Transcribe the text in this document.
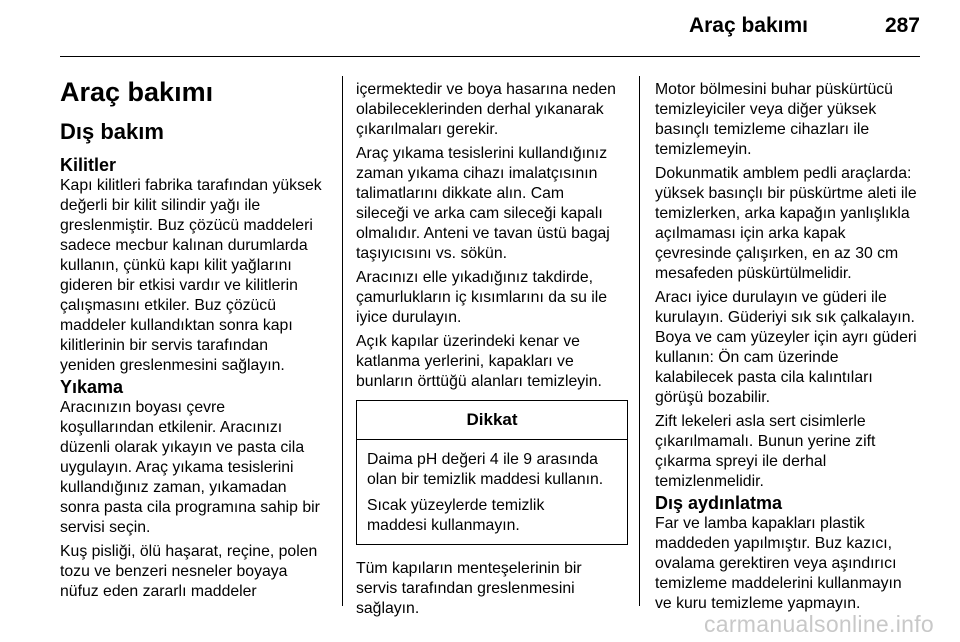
Araç bakımı	287

Araç bakımı
Dış bakım
Kilitler

Kapı kilitleri fabrika tarafından yüksek
değerli bir kilit silindir yağı ile
greslenmiştir. Buz çözücü maddeleri
sadece mecbur kalınan durumlarda
kullanın, çünkü kapı kilit yağlarını
gideren bir etkisi vardır ve kilitlerin
çalışmasını etkiler. Buz çözücü
maddeler kullandıktan sonra kapı
kilitlerinin bir servis tarafından
yeniden greslenmesini sağlayın.

Yıkama

Aracınızın boyası çevre
koşullarından etkilenir. Aracınızı
düzenli olarak yıkayın ve pasta cila
uygulayın. Araç yıkama tesislerini
kullandığınız zaman, yıkamadan
sonra pasta cila programına sahip bir
servisi seçin.

Kuş pisliği, ölü haşarat, reçine, polen
tozu ve benzeri nesneler boyaya
nüfuz eden zararlı maddeler

içermektedir ve boya hasarına neden
olabileceklerinden derhal yıkanarak
çıkarılmaları gerekir.

Araç yıkama tesislerini kullandığınız
zaman yıkama cihazı imalatçısının
talimatlarını dikkate alın. Cam
sileceği ve arka cam sileceği kapalı
olmalıdır. Anteni ve tavan üstü bagaj
taşıyıcısını vs. sökün.

Aracınızı elle yıkadığınız takdirde,
çamurlukların iç kısımlarını da su ile
iyice durulayın.

Açık kapılar üzerindeki kenar ve
katlanma yerlerini, kapakları ve
bunların örttüğü alanları temizleyin.

Dikkat

Daima pH değeri 4 ile 9 arasında
olan bir temizlik maddesi kullanın.

Sıcak yüzeylerde temizlik
maddesi kullanmayın.

Tüm kapıların menteşelerinin bir
servis tarafından greslenmesini
sağlayın.

Motor bölmesini buhar püskürtücü
temizleyiciler veya diğer yüksek
basınçlı temizleme cihazları ile
temizlemeyin.

Dokunmatik amblem pedli araçlarda:
yüksek basınçlı bir püskürtme aleti ile
temizlerken, arka kapağın yanlışlıkla
açılmaması için arka kapak
çevresinde çalışırken, en az 30 cm
mesafeden püskürtülmelidir.

Aracı iyice durulayın ve güderi ile
kurulayın. Güderiyi sık sık çalkalayın.
Boya ve cam yüzeyler için ayrı güderi
kullanın: Ön cam üzerinde
kalabilecek pasta cila kalıntıları
görüşü bozabilir.

Zift lekeleri asla sert cisimlerle
çıkarılmamalı. Bunun yerine zift
çıkarma spreyi ile derhal
temizlenmelidir.

Dış aydınlatma

Far ve lamba kapakları plastik
maddeden yapılmıştır. Buz kazıcı,
ovalama gerektiren veya aşındırıcı
temizleme maddelerini kullanmayın
ve kuru temizleme yapmayın.

carmanualsonline.info
